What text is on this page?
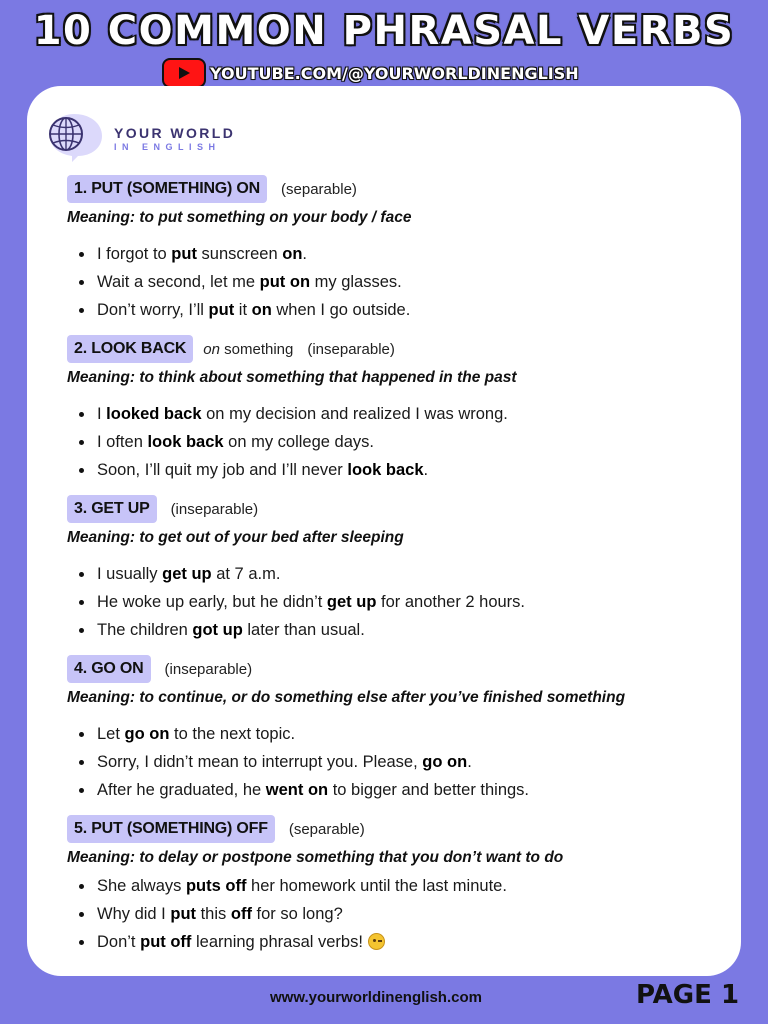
10 COMMON PHRASAL VERBS
YOUTUBE.COM/@YOURWORLDINENGLISH
YOUR WORLD
IN ENGLISH
1. PUT (SOMETHING) ON	(separable)
Meaning: to put something on your body / face
I forgot to put sunscreen on.
Wait a second, let me put on my glasses.
Don’t worry, I’ll put it on when I go outside.
2. LOOK BACK	on something (inseparable)
Meaning: to think about something that happened in the past
I looked back on my decision and realized I was wrong.
I often look back on my college days.
Soon, I’ll quit my job and I’ll never look back.
3. GET UP	(inseparable)
Meaning: to get out of your bed after sleeping
I usually get up at 7 a.m.
He woke up early, but he didn’t get up for another 2 hours.
The children got up later than usual.
4. GO ON	(inseparable)
Meaning: to continue, or do something else after you’ve finished something
Let go on to the next topic.
Sorry, I didn’t mean to interrupt you. Please, go on.
After he graduated, he went on to bigger and better things.
5. PUT (SOMETHING) OFF	(separable)
Meaning: to delay or postpone something that you don’t want to do
She always puts off her homework until the last minute.
Why did I put this off for so long?
Don’t put off learning phrasal verbs!
www.yourworldinenglish.com	PAGE 1
